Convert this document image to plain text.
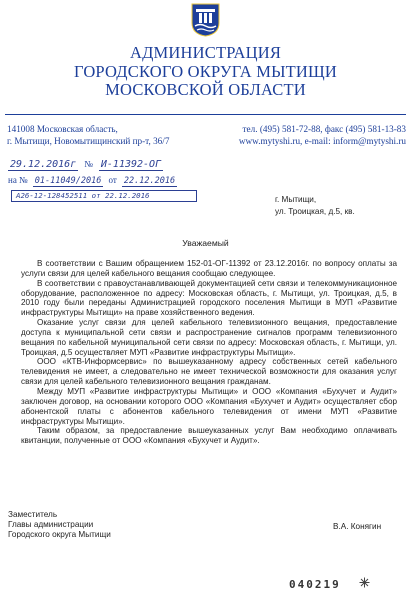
АДМИНИСТРАЦИЯ
ГОРОДСКОГО ОКРУГА МЫТИЩИ
МОСКОВСКОЙ ОБЛАСТИ
141008 Московская область,
г. Мытищи, Новомытищинский пр-т, 36/7
тел. (495) 581-72-88, факс (495) 581-13-83
www.mytyshi.ru, e-mail: inform@mytyshi.ru
29.12.2016г № И-11392-ОГ
на № 01-11049/2016 от 22.12.2016
А26-12-128452511 от 22.12.2016	г. Мытищи,
ул. Троицкая, д.5, кв.
Уважаемый

В соответствии с Вашим обращением 152-01-ОГ-11392 от 23.12.2016г. по вопросу оплаты за услуги связи для целей кабельного вещания сообщаю следующее.

В соответствии с правоустанавливающей документацией сети связи и телекоммуникационное оборудование, расположенное по адресу: Московская область, г. Мытищи, ул. Троицкая, д.5, в 2010 году были переданы Администрацией городского поселения Мытищи в МУП «Развитие инфраструктуры Мытищи» на праве хозяйственного ведения.

Оказание услуг связи для целей кабельного телевизионного вещания, предоставление доступа к муниципальной сети связи и распространение сигналов программ телевизионного вещания по кабельной муниципальной сети связи по адресу: Московская область, г. Мытищи, ул. Троицкая, д.5 осуществляет МУП «Развитие инфраструктуры Мытищи».

ООО «КТВ-Информсервис» по вышеуказанному адресу собственных сетей кабельного телевидения не имеет, а следовательно не имеет технической возможности для оказания услуг связи для целей кабельного телевизионного вещания гражданам.

Между МУП «Развитие инфраструктуры Мытищи» и ООО «Компания «Бухучет и Аудит» заключен договор, на основании которого ООО «Компания «Бухучет и Аудит» осуществляет сбор абонентской платы с абонентов кабельного телевидения от имени МУП «Развитие инфраструктуры Мытищи».

Таким образом, за предоставление вышеуказанных услуг Вам необходимо оплачивать квитанции, полученные от ООО «Компания «Бухучет и Аудит».

Заместитель
Главы администрации
Городского округа Мытищи
В.А. Конягин
040219
